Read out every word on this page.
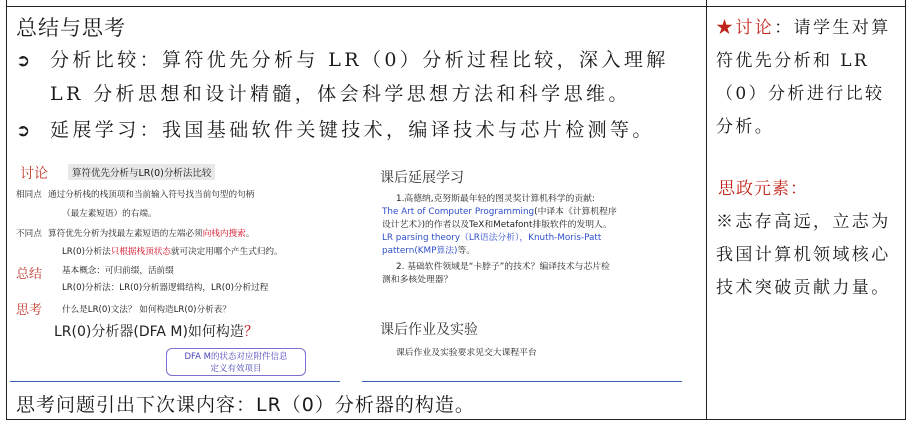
总结与思考
➲ 分析比较：算符优先分析与 LR（0）分析过程比较，深入理解
LR 分析思想和设计精髓，体会科学思想方法和科学思维。
➲ 延展学习：我国基础软件关键技术，编译技术与芯片检测等。
讨论	算符优先分析与LR(0)分析法比较
相同点 通过分析栈的栈顶项和当前输入符号找当前句型的句柄
（最左素短语）的右端。
不同点 算符优先分析为找最左素短语的左端必须向栈内搜索。
LR(0)分析法只根据栈顶状态就可决定用哪个产生式归约。
总结 基本概念：可归前缀，活前缀
LR(0)分析法：LR(0)分析器逻辑结构，LR(0)分析过程
思考 什么是LR(0)文法？ 如何构造LR(0)分析表？
LR(0)分析器(DFA M)如何构造？
DFA M的状态对应附件信息
定义有效项目
课后延展学习
1.高德纳,克努斯最年轻的图灵奖计算机科学的贡献:
The Art of Computer Programming(中译本《计算机程序
设计艺术》)的作者以及TeX和Metafont排版软件的发明人。
LR parsing theory（LR语法分析），Knuth-Moris-Patt
pattern(KMP算法)等。
2. 基础软件领域是“卡脖子”的技术？编译技术与芯片检
测和多核处理器？
课后作业及实验
课后作业及实验要求见交大课程平台
思考问题引出下次课内容：LR（0）分析器的构造。
★讨论：请学生对算符优先分析和 LR（0）分析进行比较分析。
思政元素：
※志存高远，立志为我国计算机领域核心技术突破贡献力量。
